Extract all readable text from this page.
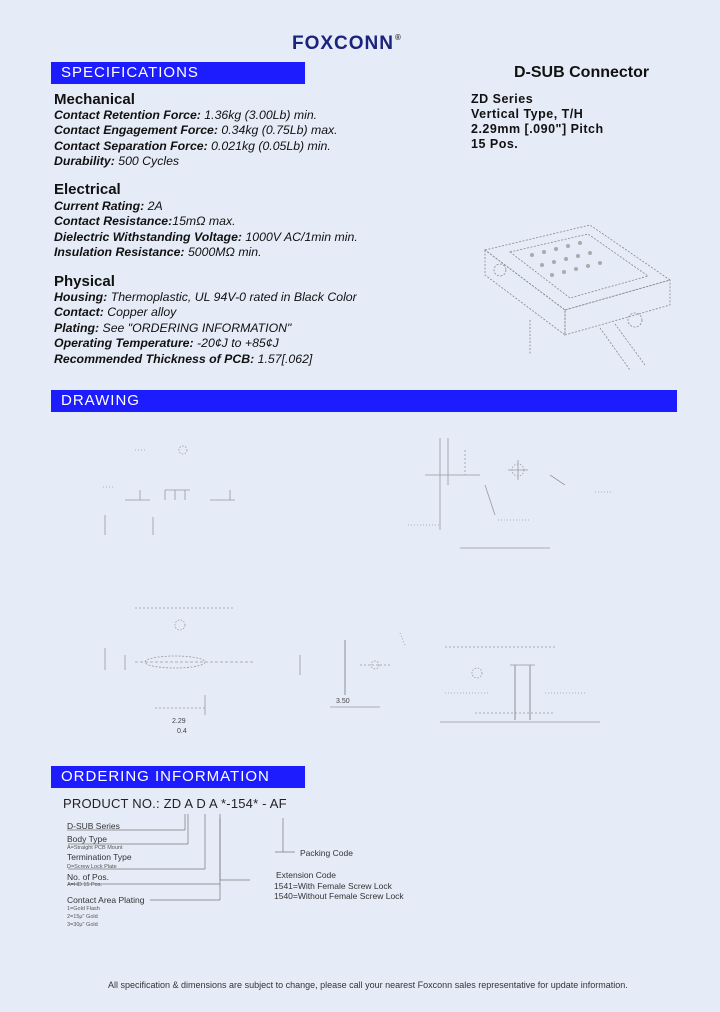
FOXCONN®
SPECIFICATIONS
DRAWING
ORDERING INFORMATION
D-SUB Connector
ZD Series
Vertical Type, T/H
2.29mm [.090"] Pitch
15 Pos.
Mechanical
Contact Retention Force: 1.36kg (3.00Lb) min.
Contact Engagement Force: 0.34kg (0.75Lb) max.
Contact Separation Force: 0.021kg (0.05Lb) min.
Durability: 500 Cycles
Electrical
Current Rating: 2A
Contact Resistance:15mΩ max.
Dielectric Withstanding Voltage: 1000V AC/1min min.
Insulation Resistance: 5000MΩ min.
Physical
Housing: Thermoplastic, UL 94V-0 rated in Black Color
Contact: Copper alloy
Plating: See "ORDERING INFORMATION"
Operating Temperature: -20¢J to +85¢J
Recommended Thickness of PCB: 1.57[.062]
2.29
0.4
3.50
PRODUCT NO.: ZD A D A *-154* - AF
D-SUB Series
Body Type
A=Straight PCB Mount
Termination Type
D=Screw Lock Plate
No. of Pos.
A=HD 15 Pos.
Contact Area Plating
1=Gold Flash
2=15μ" Gold
3=30μ" Gold
Packing Code
Extension Code
1541=With Female Screw Lock
1540=Without Female Screw Lock
All specification & dimensions are subject to change, please call your nearest Foxconn sales representative for update information.
